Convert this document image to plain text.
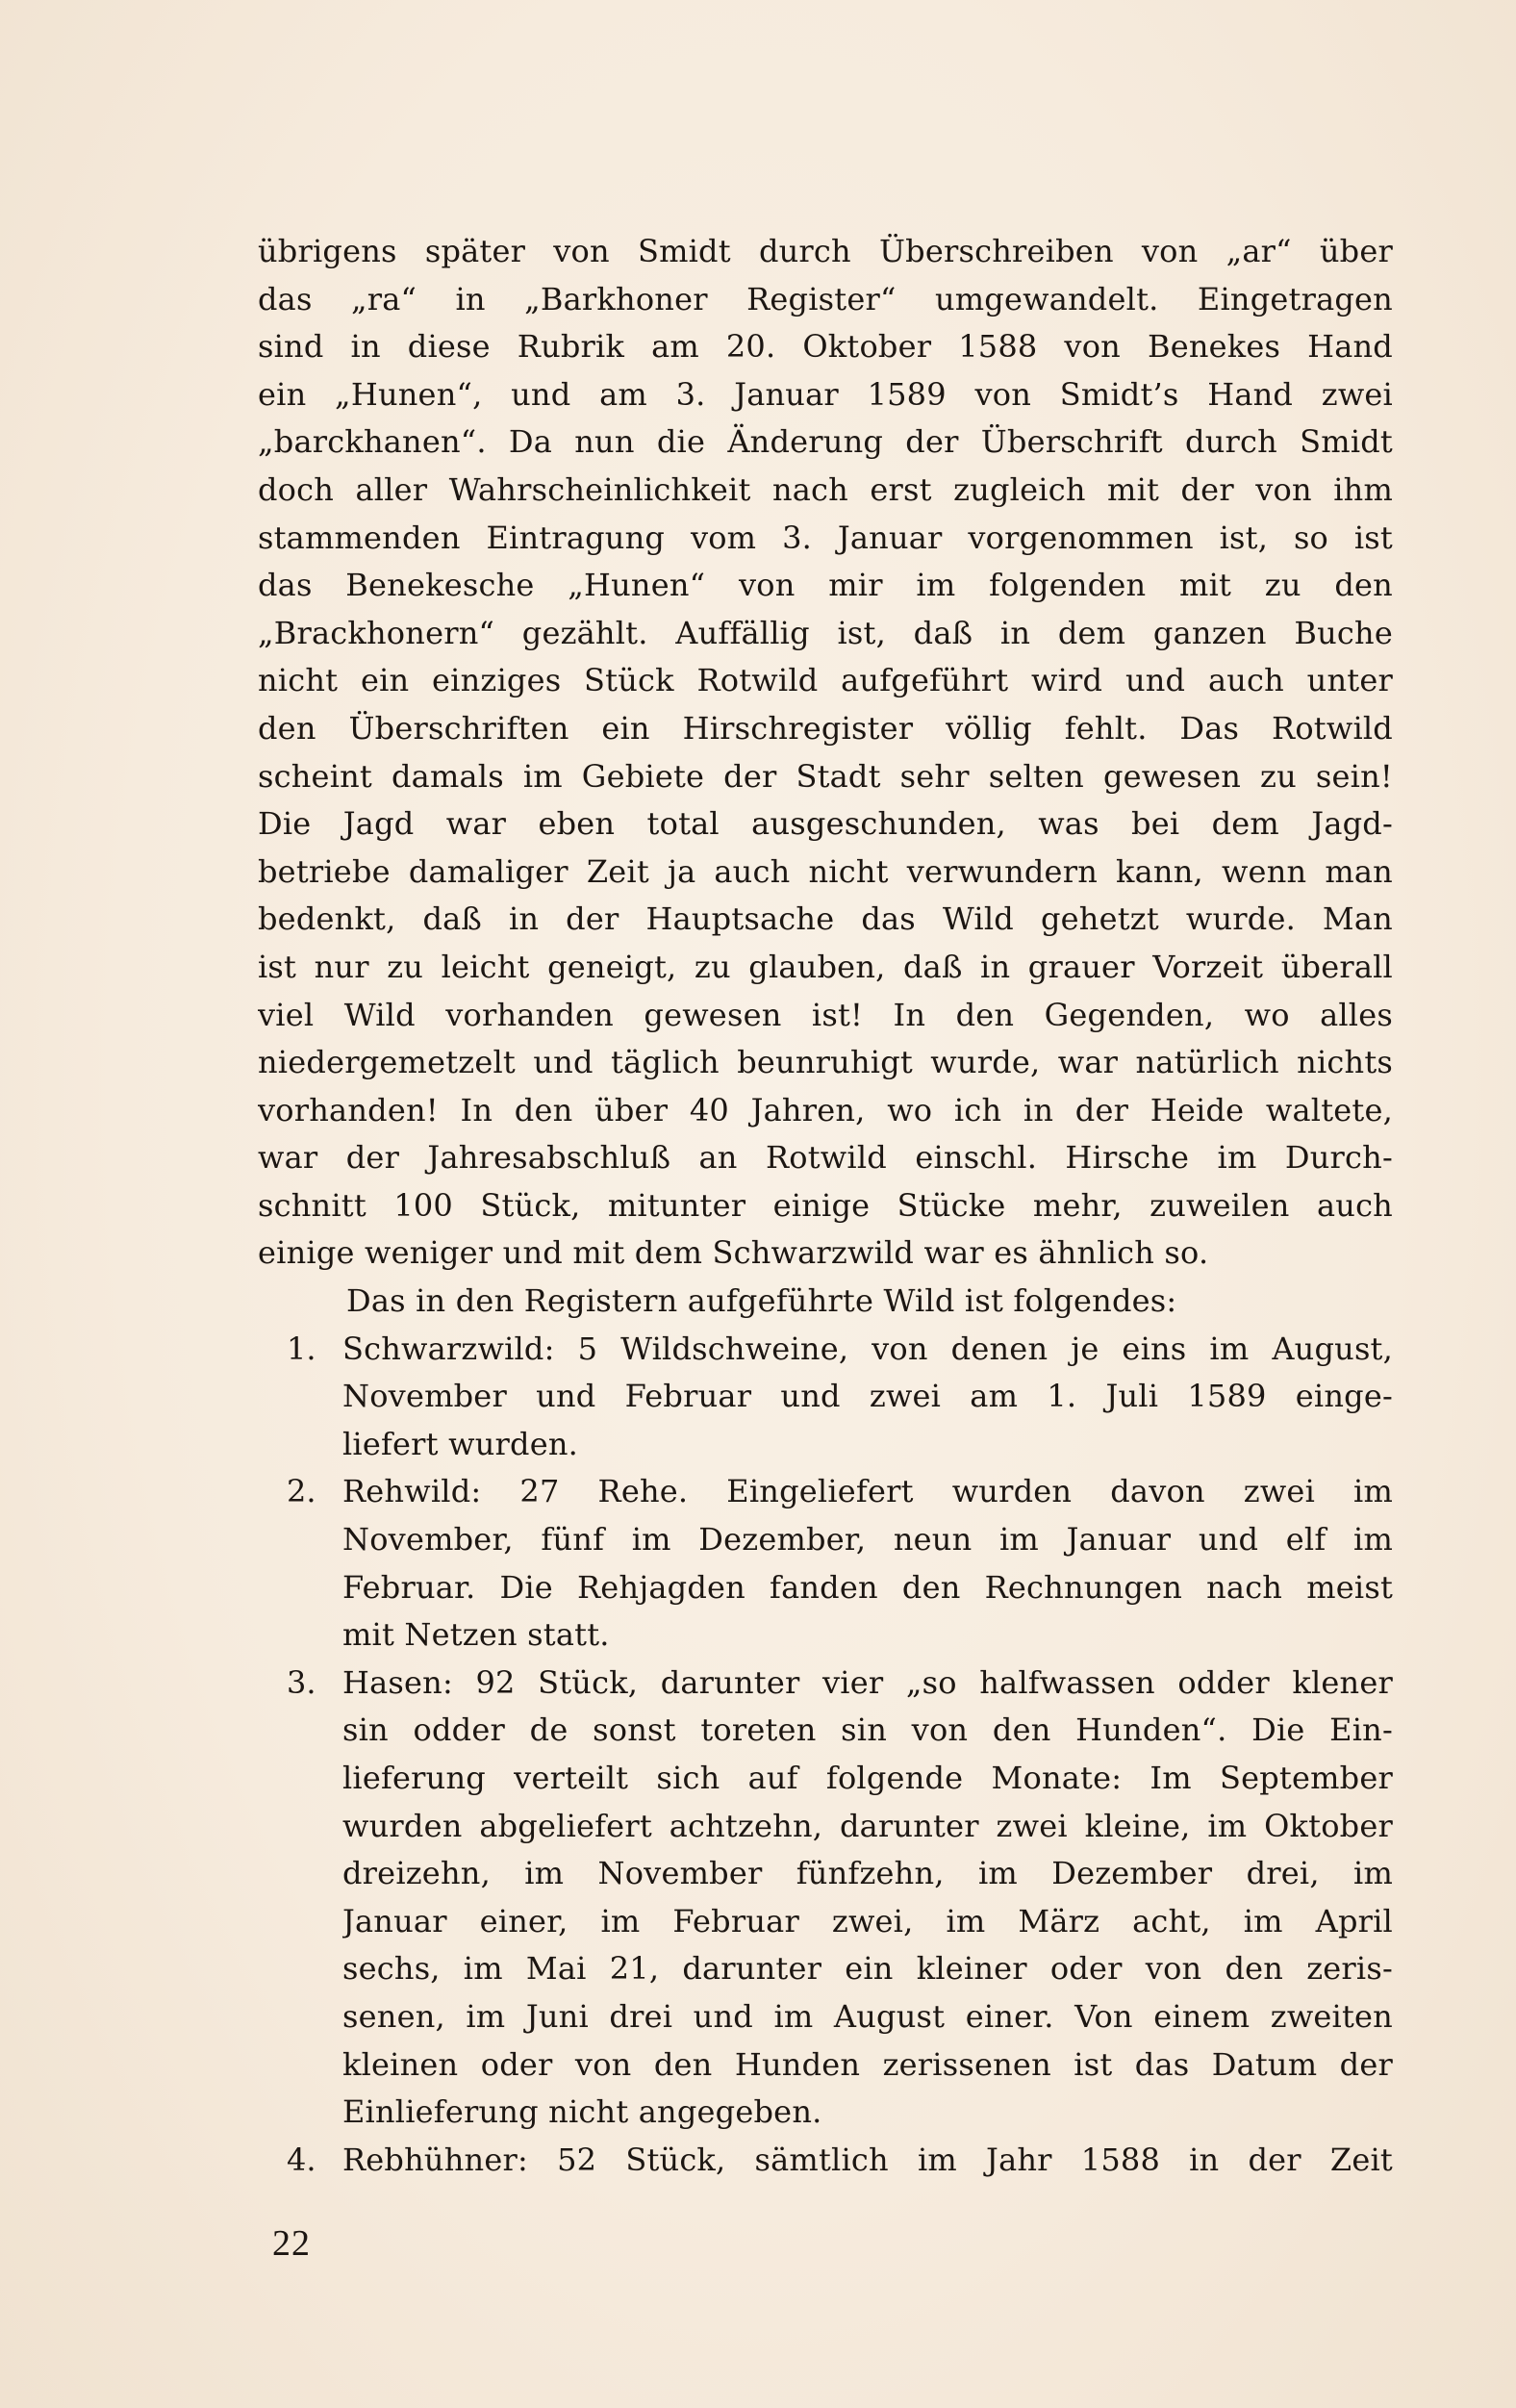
übrigens später von Smidt durch Überschreiben von „ar“ über
das „ra“ in „Barkhoner Register“ umgewandelt. Eingetragen
sind in diese Rubrik am 20. Oktober 1588 von Benekes Hand
ein „Hunen“, und am 3. Januar 1589 von Smidt’s Hand zwei
„barckhanen“. Da nun die Änderung der Überschrift durch Smidt
doch aller Wahrscheinlichkeit nach erst zugleich mit der von ihm
stammenden Eintragung vom 3. Januar vorgenommen ist, so ist
das Benekesche „Hunen“ von mir im folgenden mit zu den
„Brackhonern“ gezählt. Auffällig ist, daß in dem ganzen Buche
nicht ein einziges Stück Rotwild aufgeführt wird und auch unter
den Überschriften ein Hirschregister völlig fehlt. Das Rotwild
scheint damals im Gebiete der Stadt sehr selten gewesen zu sein!
Die Jagd war eben total ausgeschunden, was bei dem Jagd-
betriebe damaliger Zeit ja auch nicht verwundern kann, wenn man
bedenkt, daß in der Hauptsache das Wild gehetzt wurde. Man
ist nur zu leicht geneigt, zu glauben, daß in grauer Vorzeit überall
viel Wild vorhanden gewesen ist! In den Gegenden, wo alles
niedergemetzelt und täglich beunruhigt wurde, war natürlich nichts
vorhanden! In den über 40 Jahren, wo ich in der Heide waltete,
war der Jahresabschluß an Rotwild einschl. Hirsche im Durch-
schnitt 100 Stück, mitunter einige Stücke mehr, zuweilen auch
einige weniger und mit dem Schwarzwild war es ähnlich so.
Das in den Registern aufgeführte Wild ist folgendes:
1. Schwarzwild: 5 Wildschweine, von denen je eins im August,
November und Februar und zwei am 1. Juli 1589 einge-
liefert wurden.
2. Rehwild: 27 Rehe. Eingeliefert wurden davon zwei im
November, fünf im Dezember, neun im Januar und elf im
Februar. Die Rehjagden fanden den Rechnungen nach meist
mit Netzen statt.
3. Hasen: 92 Stück, darunter vier „so halfwassen odder klener
sin odder de sonst toreten sin von den Hunden“. Die Ein-
lieferung verteilt sich auf folgende Monate: Im September
wurden abgeliefert achtzehn, darunter zwei kleine, im Oktober
dreizehn, im November fünfzehn, im Dezember drei, im
Januar einer, im Februar zwei, im März acht, im April
sechs, im Mai 21, darunter ein kleiner oder von den zeris-
senen, im Juni drei und im August einer. Von einem zweiten
kleinen oder von den Hunden zerissenen ist das Datum der
Einlieferung nicht angegeben.
4. Rebhühner: 52 Stück, sämtlich im Jahr 1588 in der Zeit
22
